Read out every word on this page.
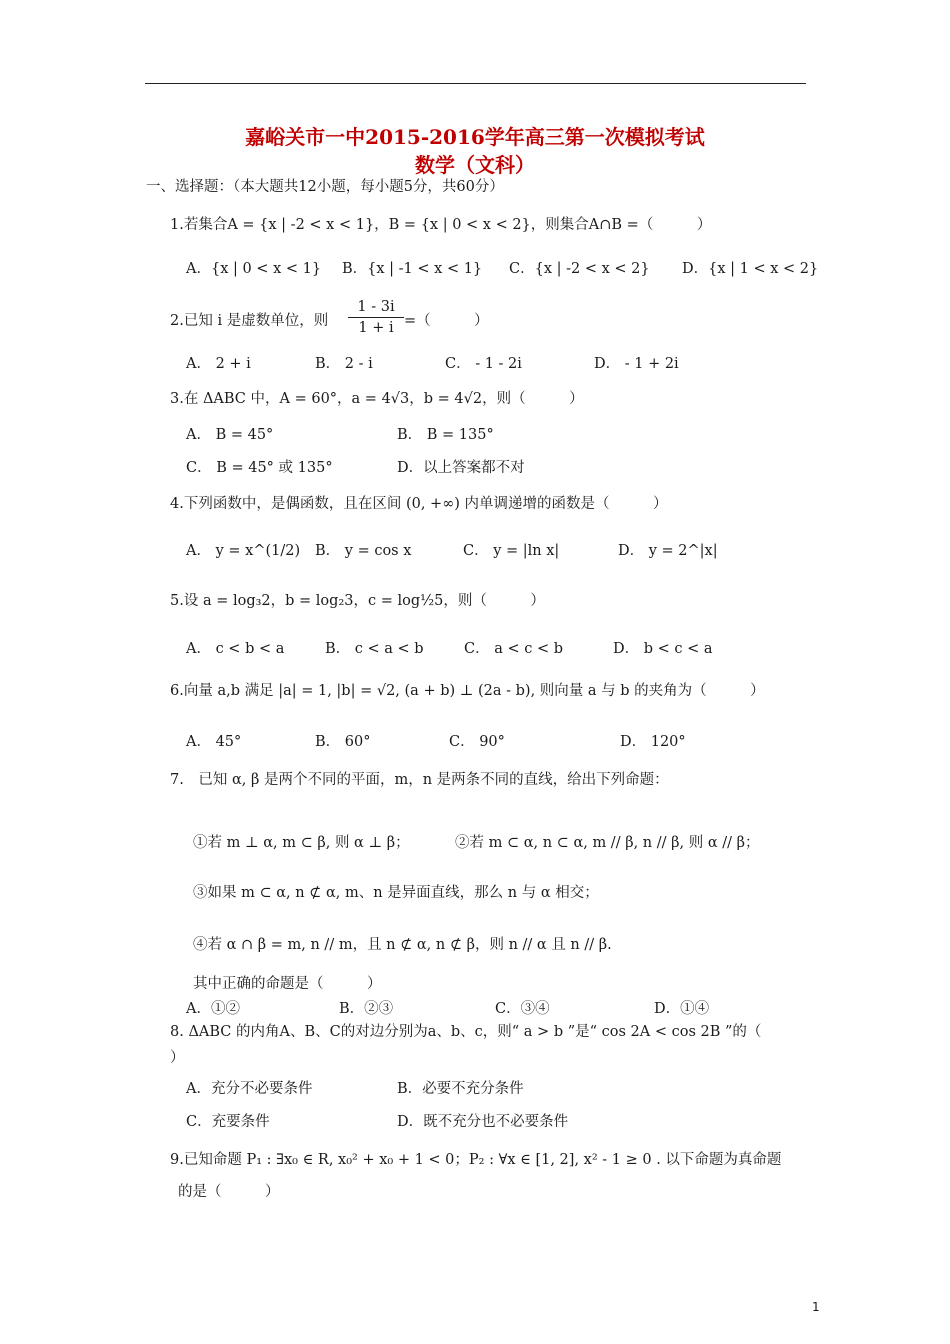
嘉峪关市一中2015-2016学年高三第一次模拟考试
数学（文科）
一、选择题：（本大题共12小题，每小题5分，共60分）
1.若集合A = {x | -2 < x < 1}，B = {x | 0 < x < 2}，则集合A∩B =（　　　）
A．{x | 0 < x < 1} B．{x | -1 < x < 1} C．{x | -2 < x < 2} D．{x | 1 < x < 2}
2.已知 i 是虚数单位，则 $\frac{1 - 3i}{1 + i}$ =（　　　）
A． 2 + i	B． 2 - i	C． - 1 - 2i	D． - 1 + 2i
3.在 ΔABC 中，A = 60°，a = 4√3，b = 4√2，则（　　　）
A． B = 45°	B． B = 135°
C． B = 45° 或 135°	D．以上答案都不对
4.下列函数中，是偶函数，且在区间 (0, +∞) 内单调递增的函数是（　　　）
A． y = x^(1/2) B． y = cos x	C． y = |ln x|	D． y = 2^|x|
5.设 a = log₃2，b = log₂3，c = log½5，则（　　　）
A． c < b < a	B． c < a < b	C． a < c < b	D． b < c < a
6.向量 a,b 满足 |a| = 1, |b| = √2, (a + b) ⊥ (2a - b), 则向量 a 与 b 的夹角为（　　　）
A． 45°	B． 60°	C． 90°	D． 120°
7.　已知 α, β 是两个不同的平面，m，n 是两条不同的直线，给出下列命题：
①若 m ⊥ α, m ⊂ β, 则 α ⊥ β；	②若 m ⊂ α, n ⊂ α, m // β, n // β, 则 α // β；
③如果 m ⊂ α, n ⊄ α, m、n 是异面直线，那么 n 与 α 相交；
④若 α ∩ β = m, n // m，且 n ⊄ α, n ⊄ β，则 n // α 且 n // β.
其中正确的命题是（　　　）
A．①②	B．②③	C．③④	D．①④
8. ΔABC 的内角A、B、C的对边分别为a、b、c，则“ a > b ”是“ cos 2A < cos 2B ”的（
）
A．充分不必要条件	B．必要不充分条件
C．充要条件	D．既不充分也不必要条件
9.已知命题 P₁ : ∃x₀ ∈ R, x₀² + x₀ + 1 < 0；P₂ : ∀x ∈ [1, 2], x² - 1 ≥ 0 . 以下命题为真命题
的是（　　　）
1
